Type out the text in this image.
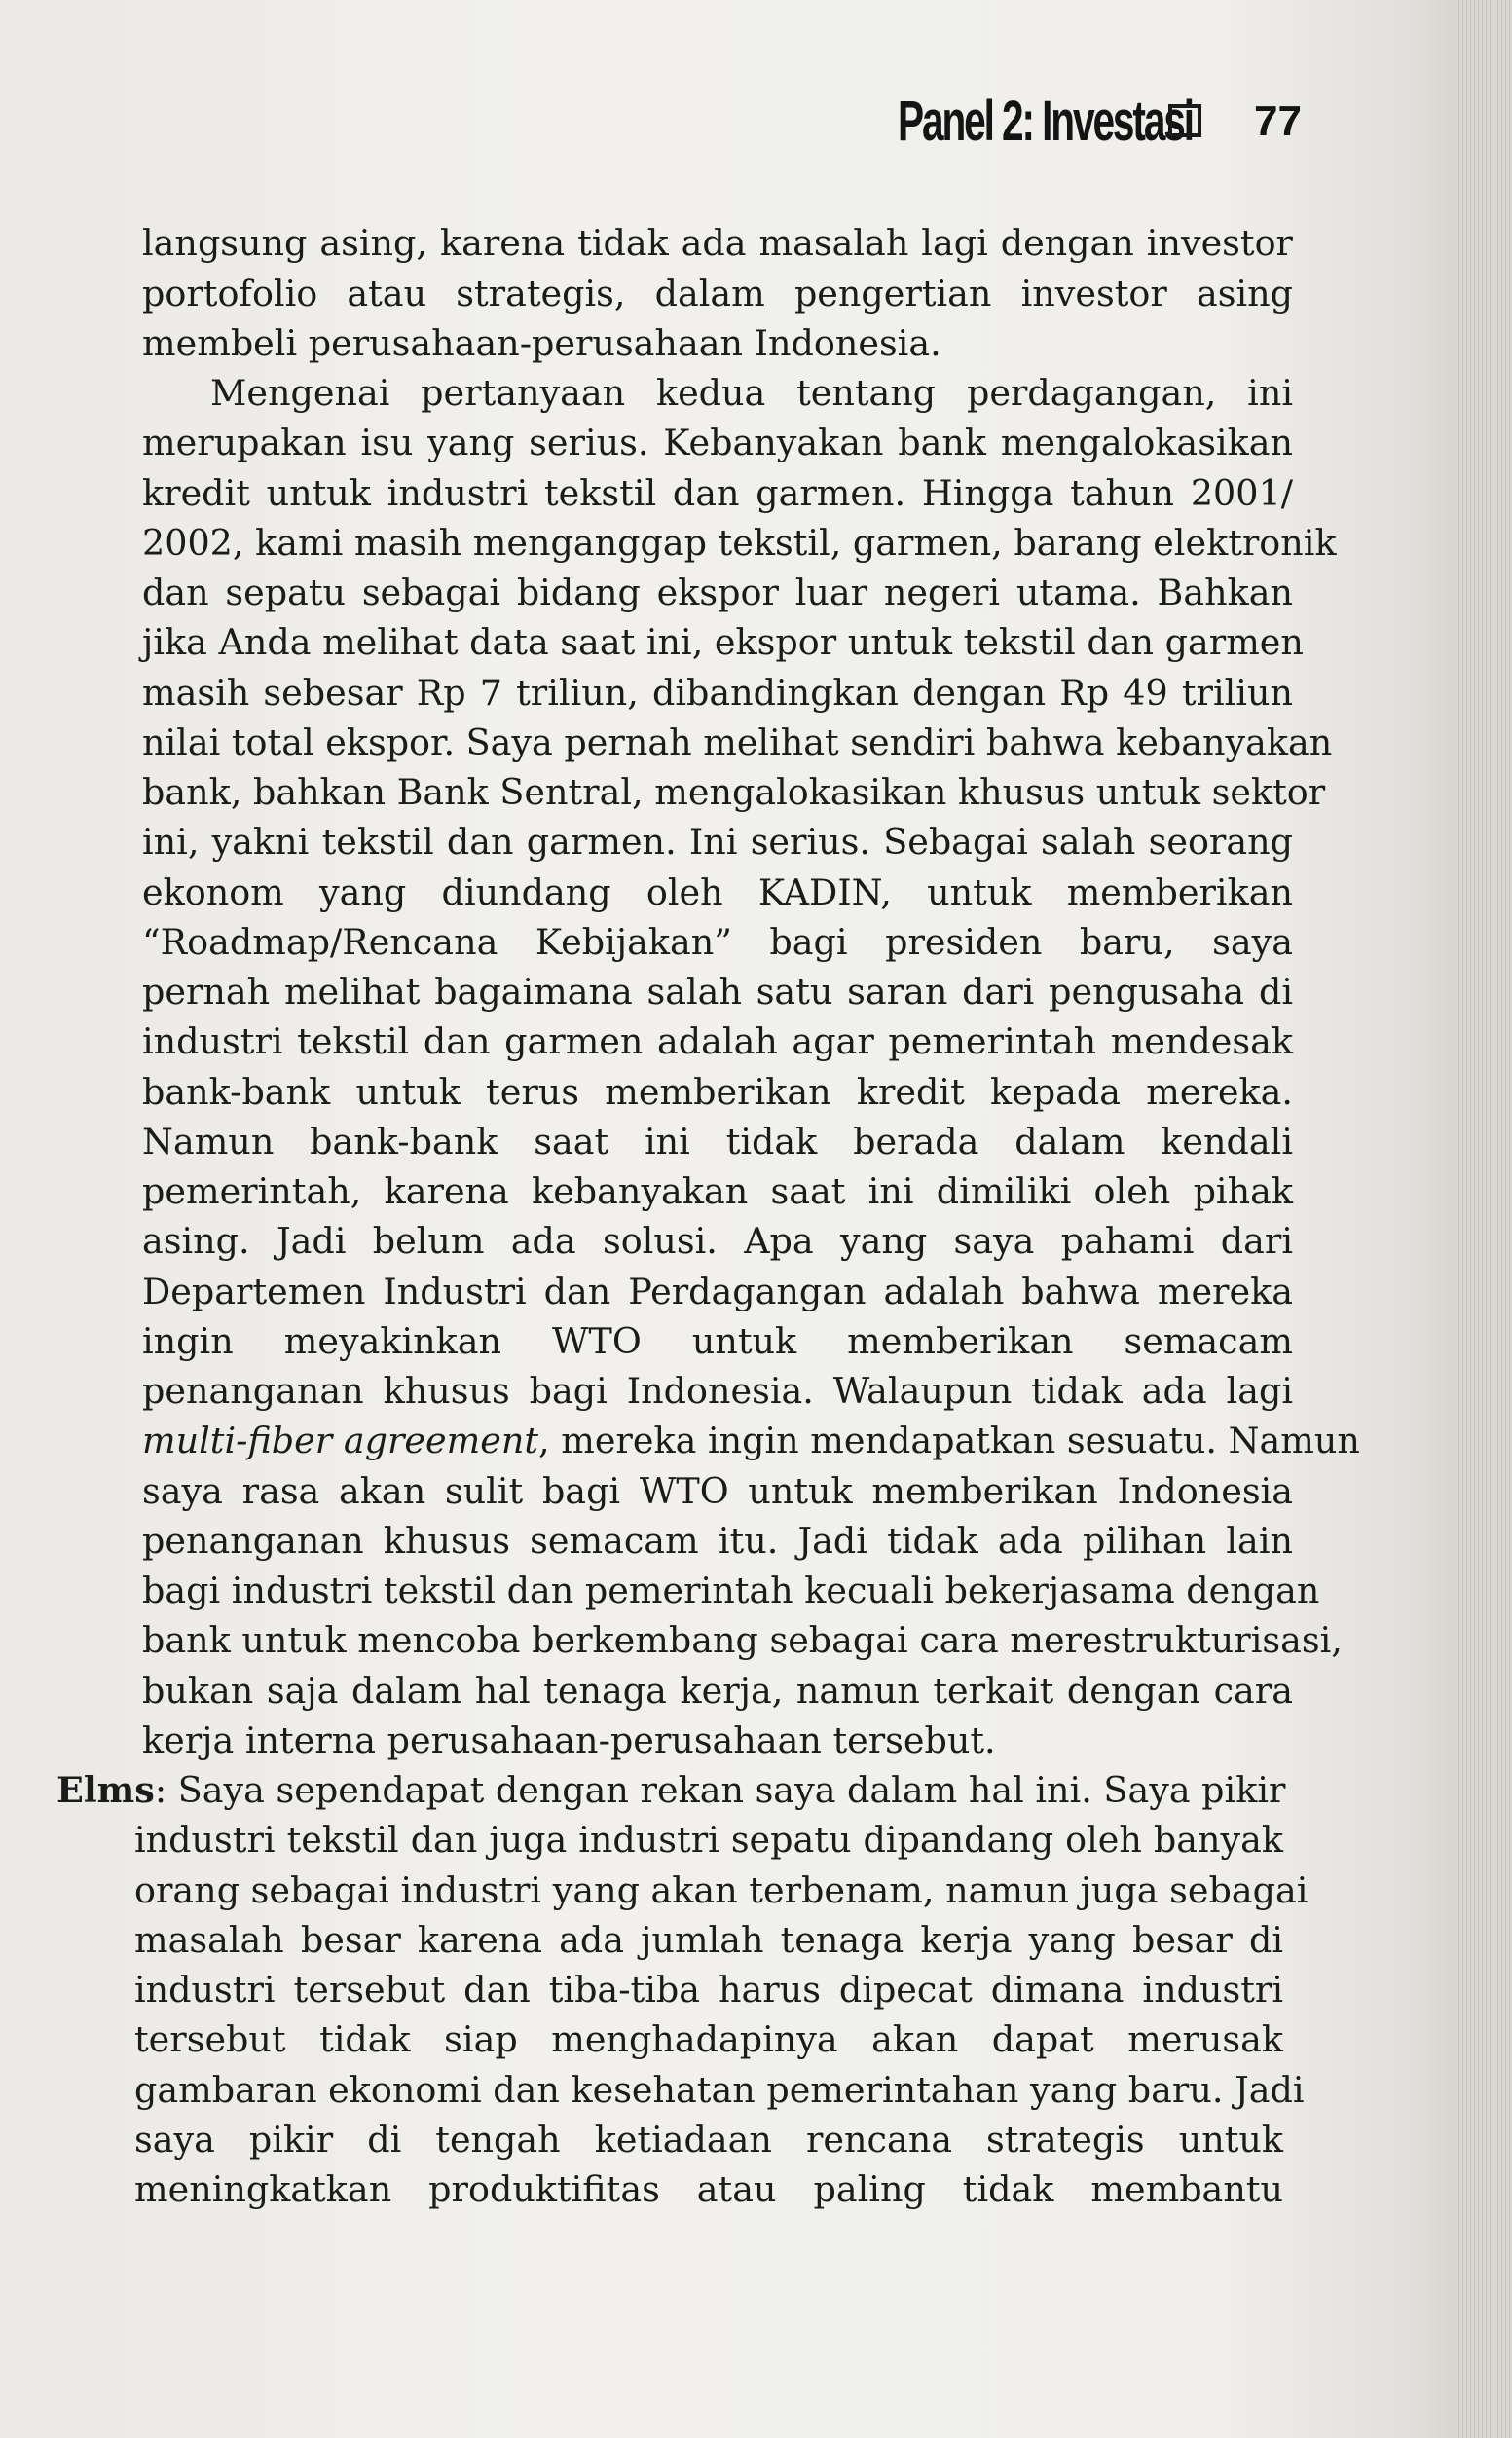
Panel 2: Investasi 77
langsung asing, karena tidak ada masalah lagi dengan investor
portofolio atau strategis, dalam pengertian investor asing
membeli perusahaan-perusahaan Indonesia.
Mengenai pertanyaan kedua tentang perdagangan, ini
merupakan isu yang serius. Kebanyakan bank mengalokasikan
kredit untuk industri tekstil dan garmen. Hingga tahun 2001/
2002, kami masih menganggap tekstil, garmen, barang elektronik
dan sepatu sebagai bidang ekspor luar negeri utama. Bahkan
jika Anda melihat data saat ini, ekspor untuk tekstil dan garmen
masih sebesar Rp 7 triliun, dibandingkan dengan Rp 49 triliun
nilai total ekspor. Saya pernah melihat sendiri bahwa kebanyakan
bank, bahkan Bank Sentral, mengalokasikan khusus untuk sektor
ini, yakni tekstil dan garmen. Ini serius. Sebagai salah seorang
ekonom yang diundang oleh KADIN, untuk memberikan
“Roadmap/Rencana Kebijakan” bagi presiden baru, saya
pernah melihat bagaimana salah satu saran dari pengusaha di
industri tekstil dan garmen adalah agar pemerintah mendesak
bank-bank untuk terus memberikan kredit kepada mereka.
Namun bank-bank saat ini tidak berada dalam kendali
pemerintah, karena kebanyakan saat ini dimiliki oleh pihak
asing. Jadi belum ada solusi. Apa yang saya pahami dari
Departemen Industri dan Perdagangan adalah bahwa mereka
ingin meyakinkan WTO untuk memberikan semacam
penanganan khusus bagi Indonesia. Walaupun tidak ada lagi
multi-fiber agreement, mereka ingin mendapatkan sesuatu. Namun
saya rasa akan sulit bagi WTO untuk memberikan Indonesia
penanganan khusus semacam itu. Jadi tidak ada pilihan lain
bagi industri tekstil dan pemerintah kecuali bekerjasama dengan
bank untuk mencoba berkembang sebagai cara merestrukturisasi,
bukan saja dalam hal tenaga kerja, namun terkait dengan cara
kerja interna perusahaan-perusahaan tersebut.
Elms: Saya sependapat dengan rekan saya dalam hal ini. Saya pikir
industri tekstil dan juga industri sepatu dipandang oleh banyak
orang sebagai industri yang akan terbenam, namun juga sebagai
masalah besar karena ada jumlah tenaga kerja yang besar di
industri tersebut dan tiba-tiba harus dipecat dimana industri
tersebut tidak siap menghadapinya akan dapat merusak
gambaran ekonomi dan kesehatan pemerintahan yang baru. Jadi
saya pikir di tengah ketiadaan rencana strategis untuk
meningkatkan produktifitas atau paling tidak membantu
